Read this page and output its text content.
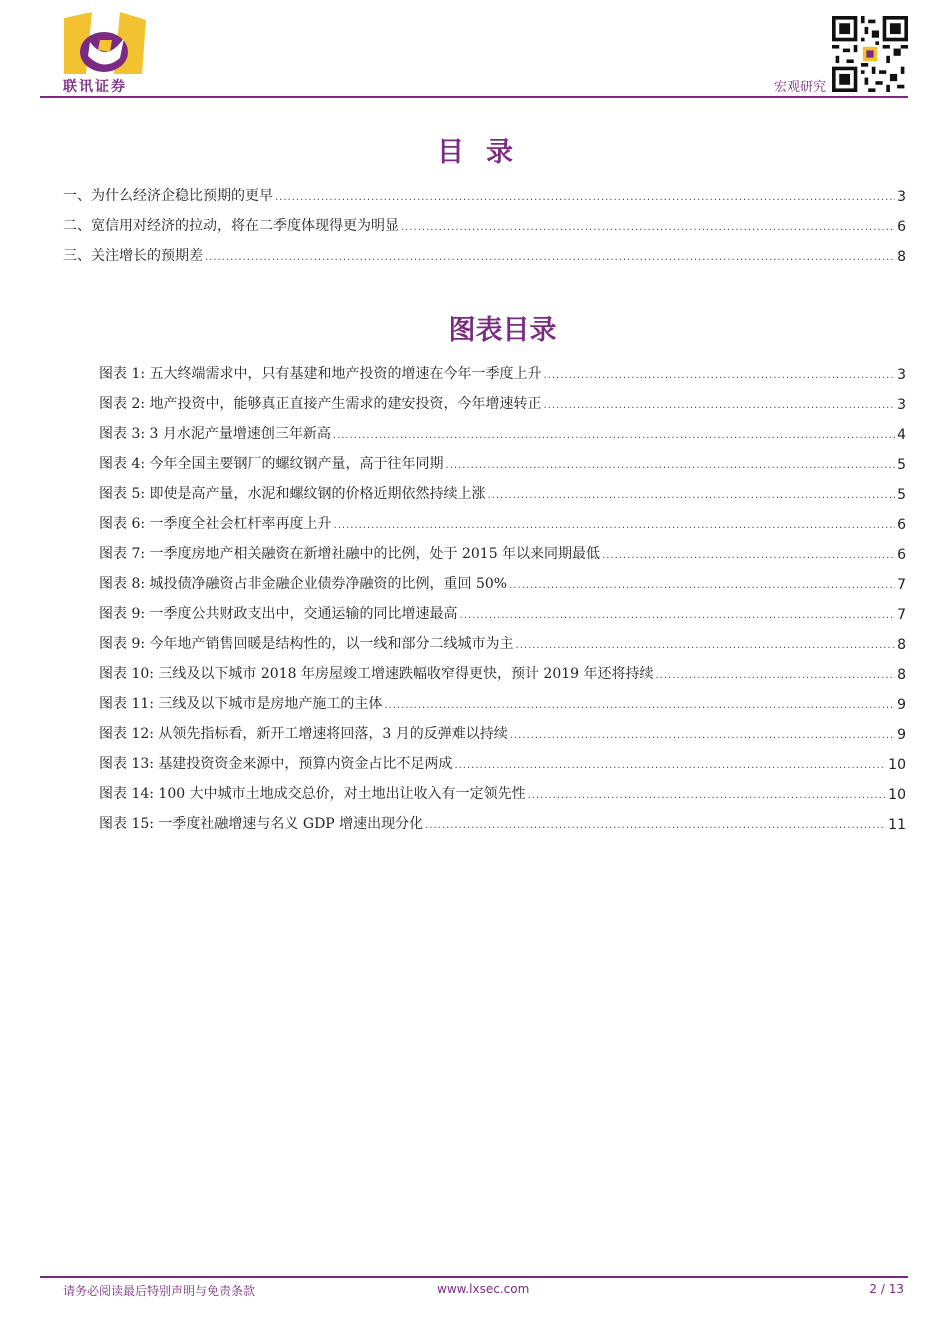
联讯证券	宏观研究
目录
一、为什么经济企稳比预期的更早 .....	3
二、宽信用对经济的拉动，将在二季度体现得更为明显 .....	6
三、关注增长的预期差 .....	8
图表目录
图表 1: 五大终端需求中，只有基建和地产投资的增速在今年一季度上升 .....	3
图表 2: 地产投资中，能够真正直接产生需求的建安投资，今年增速转正 .....	3
图表 3: 3 月水泥产量增速创三年新高 .....	4
图表 4: 今年全国主要钢厂的螺纹钢产量，高于往年同期 .....	5
图表 5: 即使是高产量，水泥和螺纹钢的价格近期依然持续上涨 .....	5
图表 6: 一季度全社会杠杆率再度上升 .....	6
图表 7: 一季度房地产相关融资在新增社融中的比例，处于 2015 年以来同期最低 .....	6
图表 8: 城投债净融资占非金融企业债券净融资的比例，重回 50% .....	7
图表 9: 一季度公共财政支出中，交通运输的同比增速最高 .....	7
图表 9: 今年地产销售回暖是结构性的，以一线和部分二线城市为主 .....	8
图表 10: 三线及以下城市 2018 年房屋竣工增速跌幅收窄得更快，预计 2019 年还将持续 .....	8
图表 11: 三线及以下城市是房地产施工的主体 .....	9
图表 12: 从领先指标看，新开工增速将回落，3 月的反弹难以持续 .....	9
图表 13: 基建投资资金来源中，预算内资金占比不足两成 .....	10
图表 14: 100 大中城市土地成交总价，对土地出让收入有一定领先性 .....	10
图表 15: 一季度社融增速与名义 GDP 增速出现分化 .....	11
请务必阅读最后特别声明与免责条款	www.lxsec.com	2 / 13
